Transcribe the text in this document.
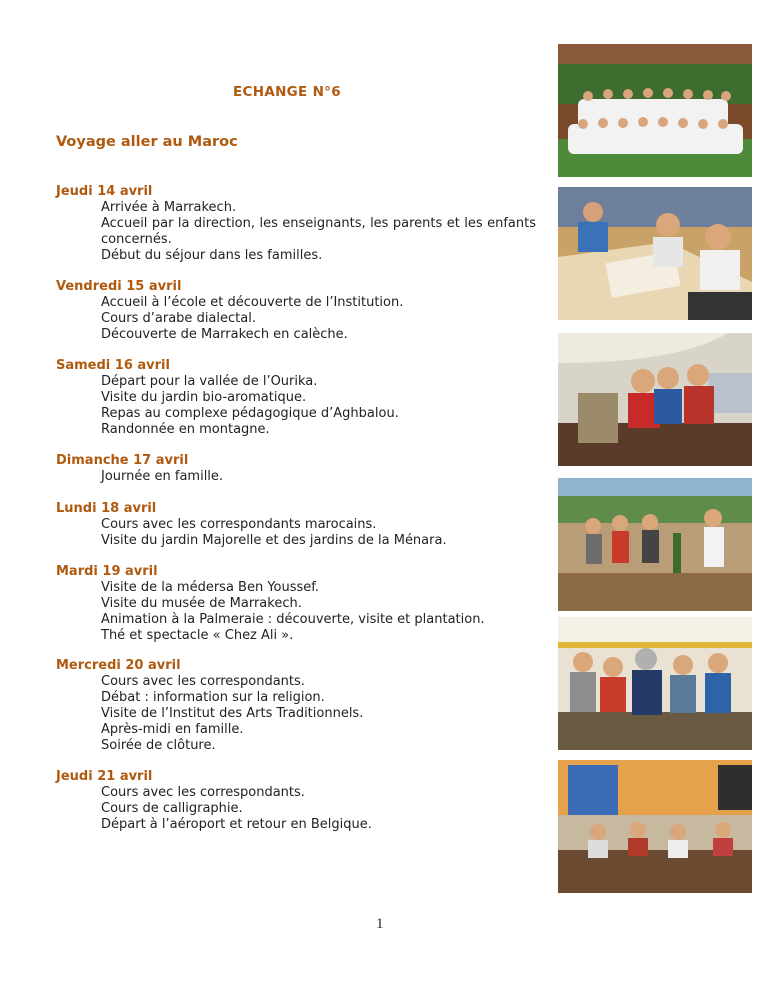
ECHANGE N°6
Voyage aller au Maroc
Jeudi 14 avril

Arrivée à Marrakech.

Accueil par la direction, les enseignants, les parents et les enfants concernés.

Début du séjour dans les familles.

Vendredi 15 avril

Accueil à l’école et découverte de l’Institution.

Cours d’arabe dialectal.

Découverte de Marrakech en calèche.

Samedi 16 avril

Départ pour la vallée de l’Ourika.

Visite du jardin bio-aromatique.

Repas au complexe pédagogique d’Aghbalou.

Randonnée en montagne.

Dimanche 17 avril

Journée en famille.

Lundi 18 avril

Cours avec les correspondants marocains.

Visite du jardin Majorelle et des jardins de la Ménara.

Mardi 19 avril

Visite de la médersa Ben Youssef.

Visite du musée de Marrakech.

Animation à la Palmeraie : découverte, visite et plantation.

Thé et spectacle « Chez Ali ».

Mercredi 20 avril

Cours avec les correspondants.

Débat : information sur la religion.

Visite de l’Institut des Arts Traditionnels.

Après-midi en famille.

Soirée de clôture.

Jeudi 21 avril

Cours avec les correspondants.

Cours de calligraphie.

Départ à l’aéroport et retour en Belgique.

1
